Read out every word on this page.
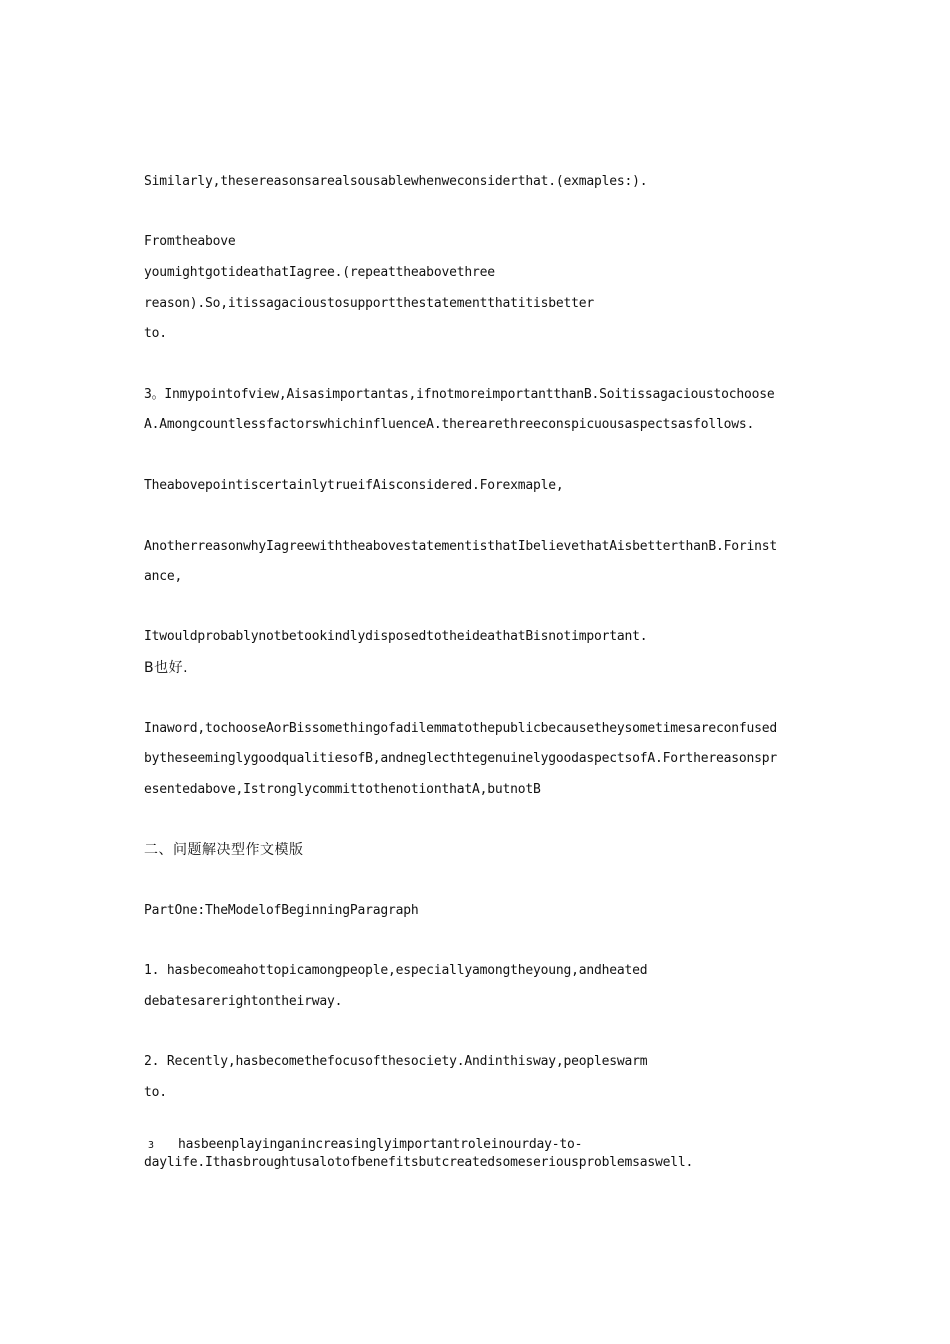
Similarly,thesereasonsarealsousablewhenweconsiderthat.(exmaples:).
Fromtheabove
youmightgotideathatIagree.(repeattheabovethree
reason).So,itissagacioustosupportthestatementthatitisbetter
to.
3。Inmypointofview,Aisasimportantas,ifnotmoreimportantthanB.Soitissagacioustochoose
A.AmongcountlessfactorswhichinfluenceA.therearethreeconspicuousaspectsasfollows.
TheabovepointiscertainlytrueifAisconsidered.Forexmaple,
AnotherreasonwhyIagreewiththeabovestatementisthatIbelievethatAisbetterthanB.Forinst
ance,
ItwouldprobablynotbetookindlydisposedtotheideathatBisnotimportant.
B也好.
Inaword,tochooseAorBissomethingofadilemmatothepublicbecausetheysometimesareconfused
bytheseeminglygoodqualitiesofB,andneglecthtegenuinelygoodaspectsofA.Forthereasonspr
esentedabove,IstronglycommittothenotionthatA,butnotB
二、问题解决型作文模版
PartOne:TheModelofBeginningParagraph
1. hasbecomeahottopicamongpeople,especiallyamongtheyoung,andheated
debatesarerightontheirway.
2. Recently,hasbecomethefocusofthesociety.Andinthisway,peopleswarm
to.
3 hasbeenplayinganincreasinglyimportantroleinourday-to-
daylife.Ithasbroughtusalotofbenefitsbutcreatedsomeseriousproblemsaswell.
